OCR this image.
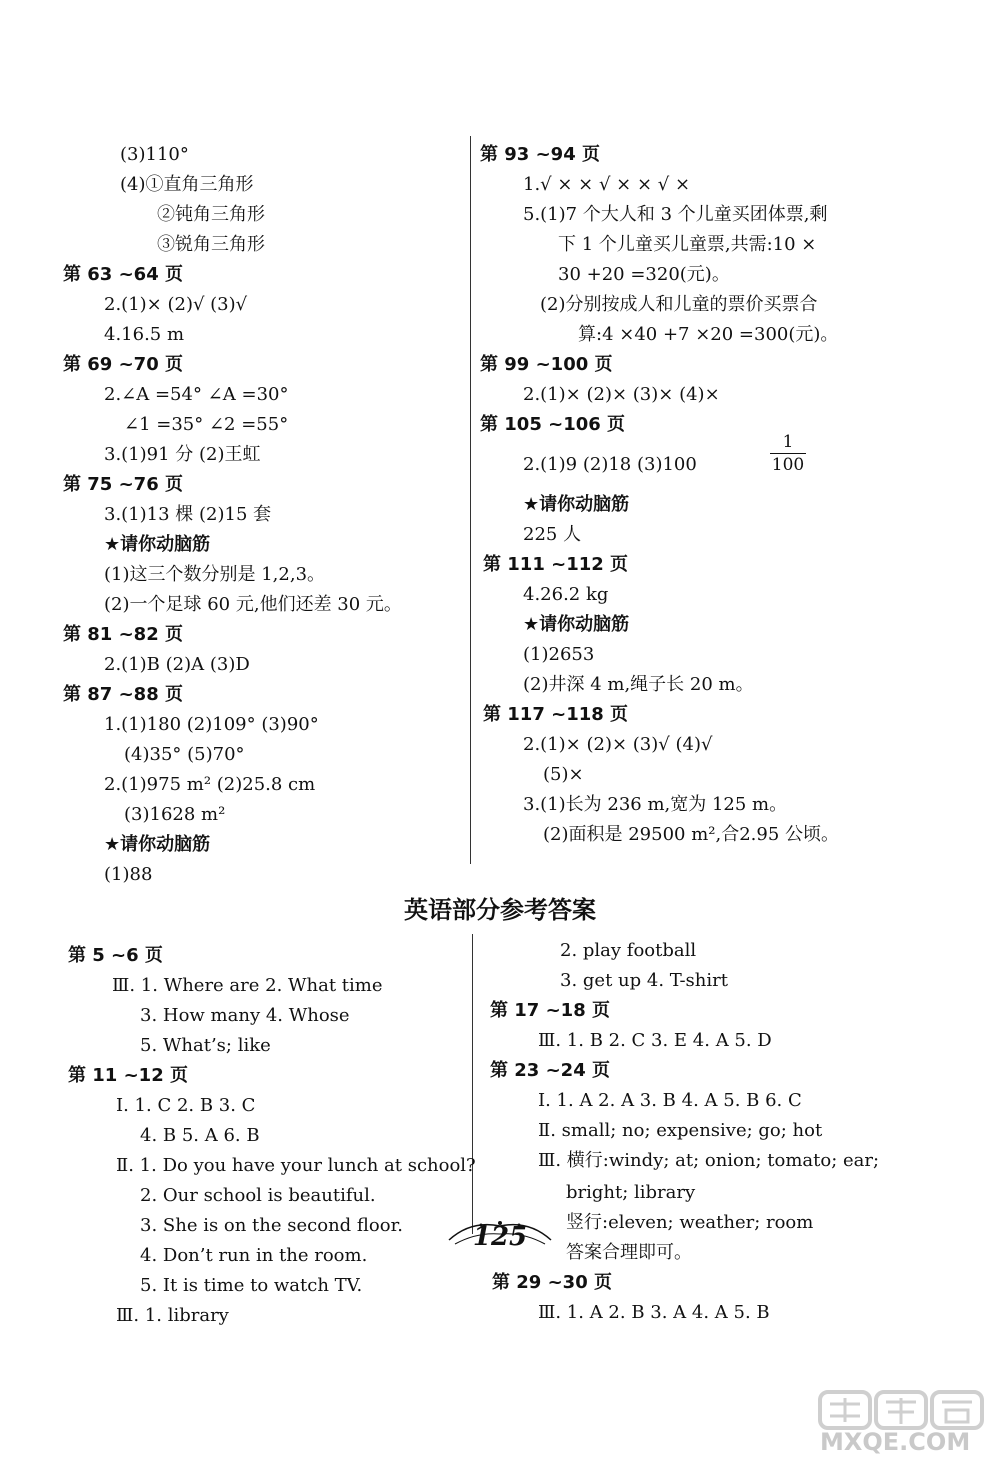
(3)110°
(4)①直角三角形
②钝角三角形
③锐角三角形
第 63 ~64 页
2.(1)× (2)√ (3)√
4.16.5 m
第 69 ~70 页
2.∠A =54° ∠A =30°
∠1 =35° ∠2 =55°
3.(1)91 分 (2)王虹
第 75 ~76 页
3.(1)13 棵 (2)15 套
★请你动脑筋
(1)这三个数分别是 1,2,3。
(2)一个足球 60 元,他们还差 30 元。
第 81 ~82 页
2.(1)B (2)A (3)D
第 87 ~88 页
1.(1)180 (2)109° (3)90°
(4)35° (5)70°
2.(1)975 m² (2)25.8 cm
(3)1628 m²
★请你动脑筋
(1)88
第 93 ~94 页
1.√ × × √ × × √ ×
5.(1)7 个大人和 3 个儿童买团体票,剩
下 1 个儿童买儿童票,共需:10 ×
30 +20 =320(元)。
(2)分别按成人和儿童的票价买票合
算:4 ×40 +7 ×20 =300(元)。
第 99 ~100 页
2.(1)× (2)× (3)× (4)×
第 105 ~106 页
2.(1)9 (2)18 (3)100
★请你动脑筋
225 人
第 111 ~112 页
4.26.2 kg
★请你动脑筋
(1)2653
(2)井深 4 m,绳子长 20 m。
第 117 ~118 页
2.(1)× (2)× (3)√ (4)√
(5)×
3.(1)长为 236 m,宽为 125 m。
(2)面积是 29500 m²,合2.95 公顷。
1
100
英语部分参考答案
第 5 ~6 页
Ⅲ. 1. Where are 2. What time
3. How many 4. Whose
5. What’s; like
第 11 ~12 页
Ⅰ. 1. C 2. B 3. C
4. B 5. A 6. B
Ⅱ. 1. Do you have your lunch at school?
2. Our school is beautiful.
3. She is on the second floor.
4. Don’t run in the room.
5. It is time to watch TV.
Ⅲ. 1. library
2. play football
3. get up 4. T-shirt
第 17 ~18 页
Ⅲ. 1. B 2. C 3. E 4. A 5. D
第 23 ~24 页
Ⅰ. 1. A 2. A 3. B 4. A 5. B 6. C
Ⅱ. small; no; expensive; go; hot
Ⅲ. 横行:windy; at; onion; tomato; ear;
bright; library
竖行:eleven; weather; room
答案合理即可。
第 29 ~30 页
Ⅲ. 1. A 2. B 3. A 4. A 5. B
125
MXQE.COM
